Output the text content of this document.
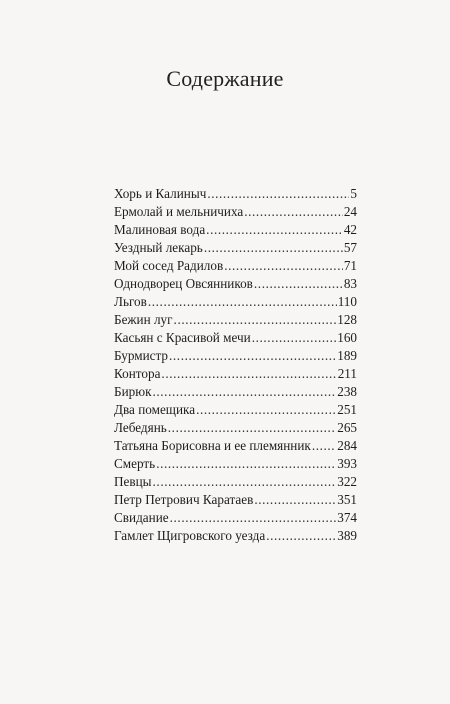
Содержание
Хорь и Калиныч .....	5
Ермолай и мельничиха .....	24
Малиновая вода .....	42
Уездный лекарь .....	57
Мой сосед Радилов .....	71
Однодворец Овсянников .....	83
Льгов .....	110
Бежин луг .....	128
Касьян с Красивой мечи .....	160
Бурмистр .....	189
Контора .....	211
Бирюк .....	238
Два помещика .....	251
Лебедянь .....	265
Татьяна Борисовна и ее племянник ..... 284
Смерть .....	393
Певцы .....	322
Петр Петрович Каратаев .....	351
Свидание .....	374
Гамлет Щигровского уезда .....	389
